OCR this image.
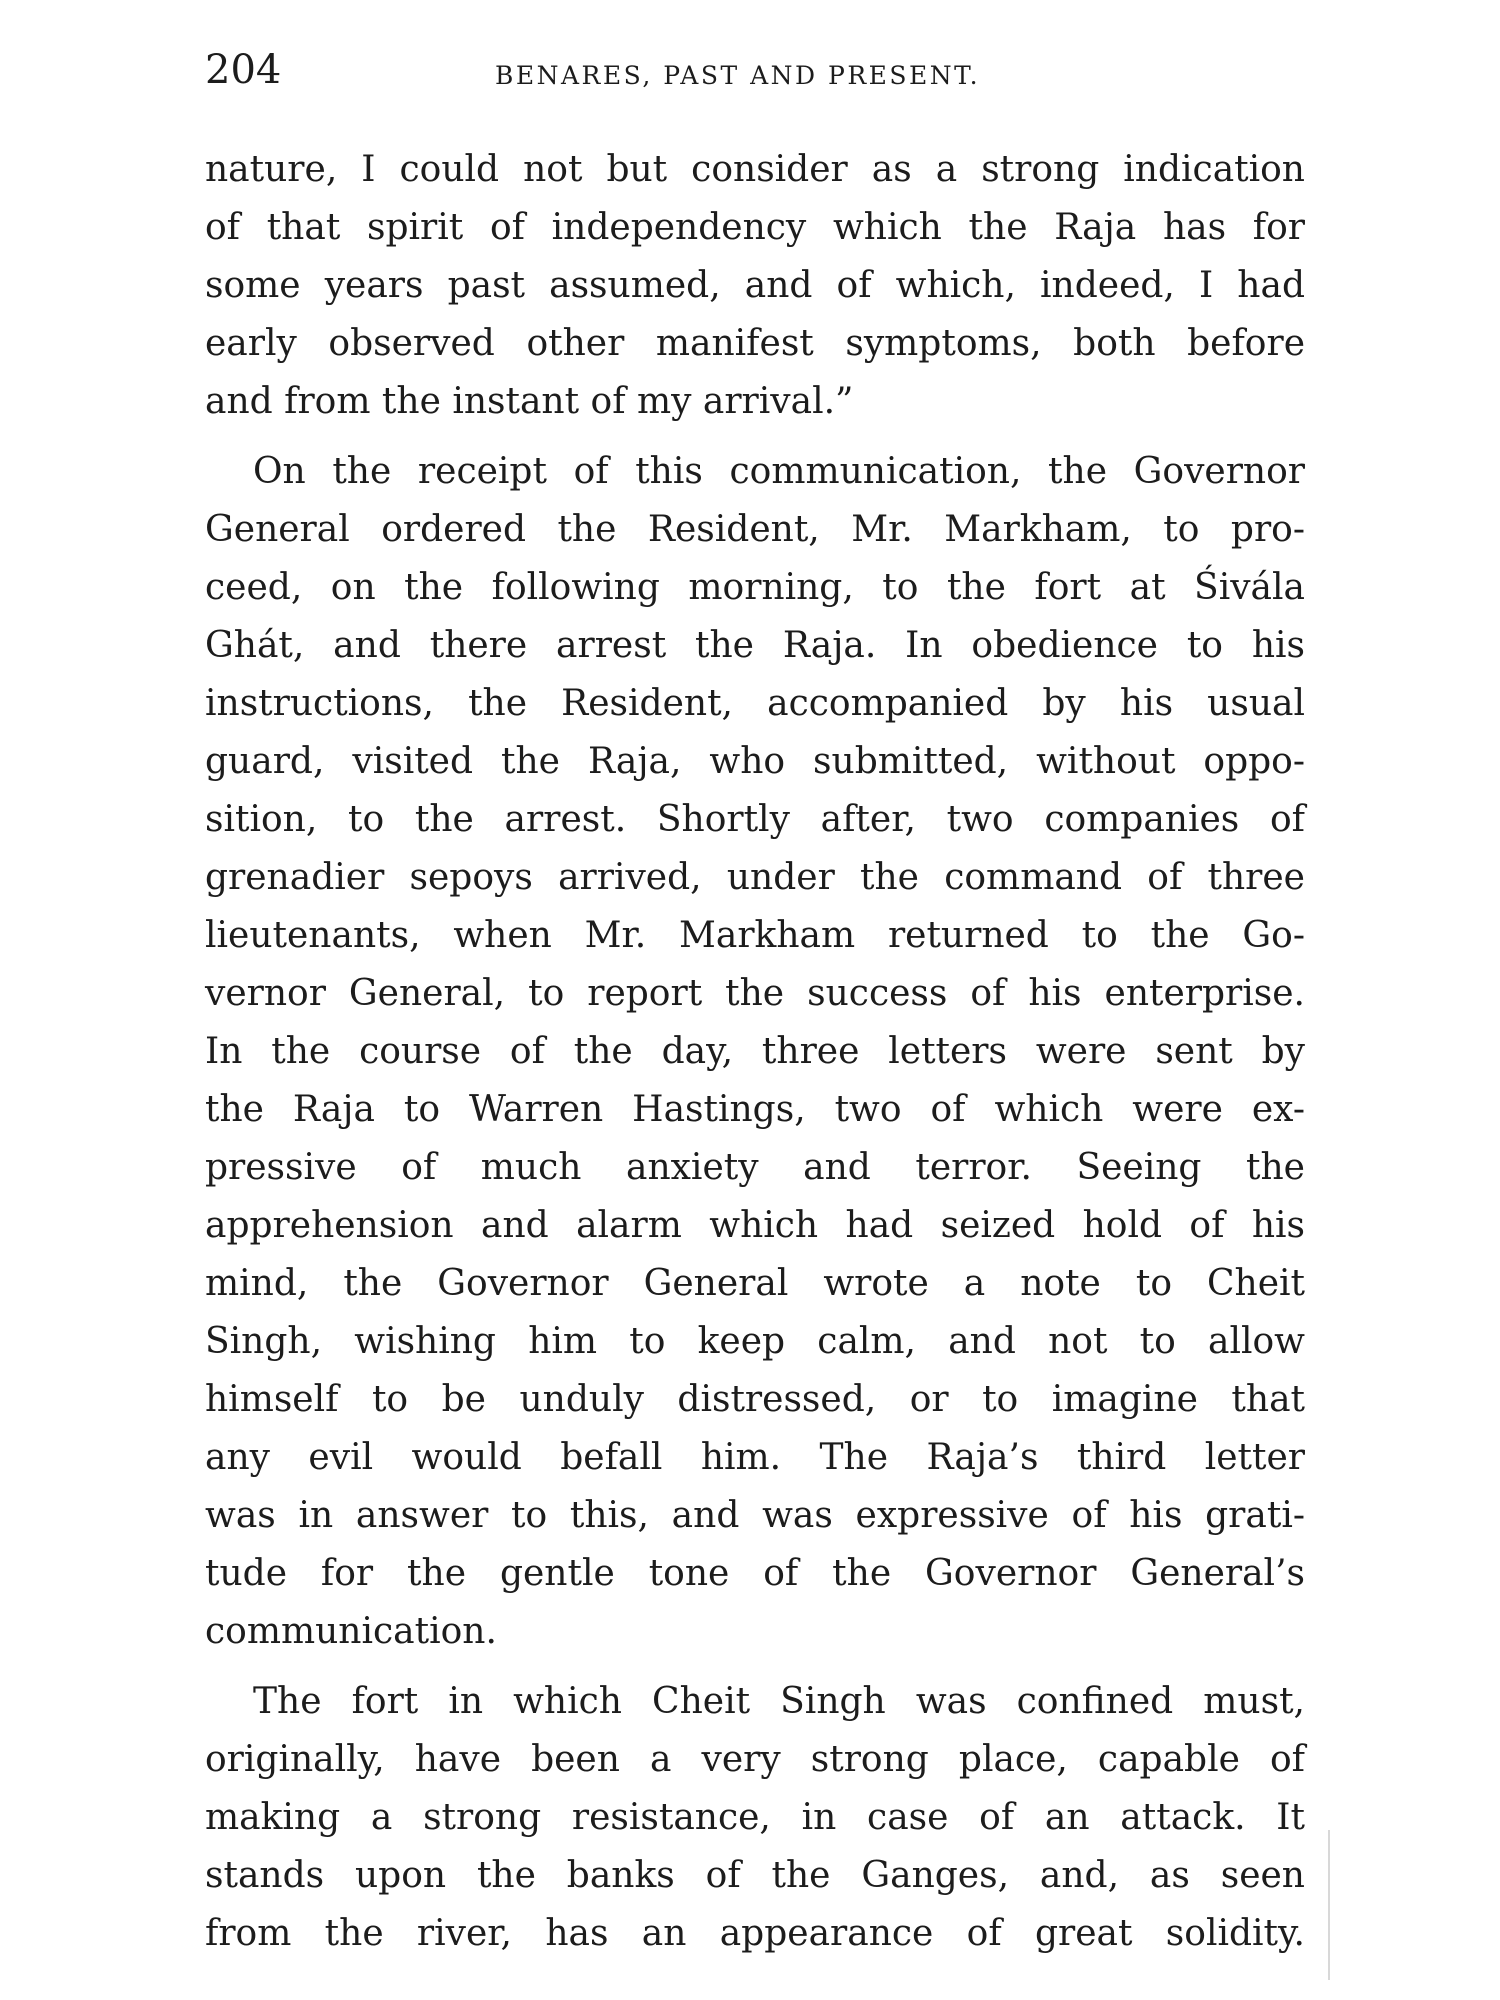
204	BENARES, PAST AND PRESENT.
nature, I could not but consider as a strong indication
of that spirit of independency which the Raja has for
some years past assumed, and of which, indeed, I had
early observed other manifest symptoms, both before
and from the instant of my arrival.”
On the receipt of this communication, the Governor
General ordered the Resident, Mr. Markham, to pro-
ceed, on the following morning, to the fort at Śivála
Ghát, and there arrest the Raja. In obedience to his
instructions, the Resident, accompanied by his usual
guard, visited the Raja, who submitted, without oppo-
sition, to the arrest. Shortly after, two companies of
grenadier sepoys arrived, under the command of three
lieutenants, when Mr. Markham returned to the Go-
vernor General, to report the success of his enterprise.
In the course of the day, three letters were sent by
the Raja to Warren Hastings, two of which were ex-
pressive of much anxiety and terror. Seeing the
apprehension and alarm which had seized hold of his
mind, the Governor General wrote a note to Cheit
Singh, wishing him to keep calm, and not to allow
himself to be unduly distressed, or to imagine that
any evil would befall him. The Raja’s third letter
was in answer to this, and was expressive of his grati-
tude for the gentle tone of the Governor General’s
communication.
The fort in which Cheit Singh was confined must,
originally, have been a very strong place, capable of
making a strong resistance, in case of an attack. It
stands upon the banks of the Ganges, and, as seen
from the river, has an appearance of great solidity.
